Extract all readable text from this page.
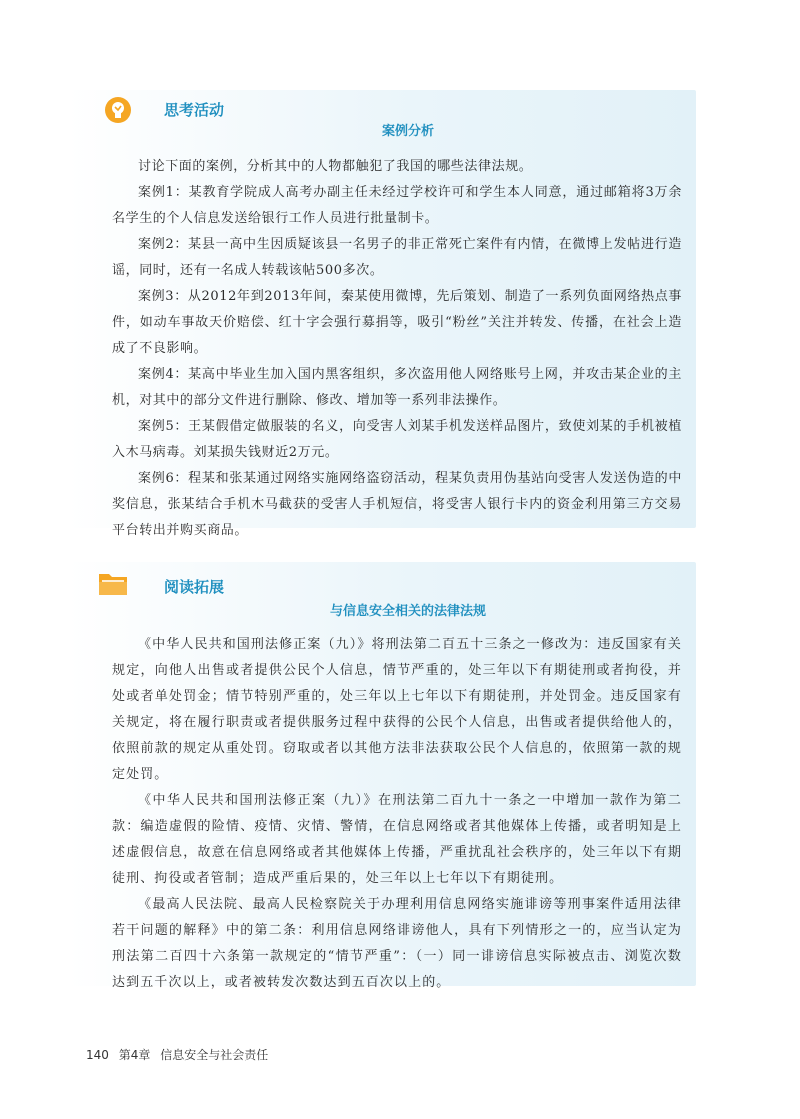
思考活动
案例分析

讨论下面的案例，分析其中的人物都触犯了我国的哪些法律法规。

案例1：某教育学院成人高考办副主任未经过学校许可和学生本人同意，通过邮箱将3万余名学生的个人信息发送给银行工作人员进行批量制卡。

案例2：某县一高中生因质疑该县一名男子的非正常死亡案件有内情，在微博上发帖进行造谣，同时，还有一名成人转载该帖500多次。

案例3：从2012年到2013年间，秦某使用微博，先后策划、制造了一系列负面网络热点事件，如动车事故天价赔偿、红十字会强行募捐等，吸引“粉丝”关注并转发、传播，在社会上造成了不良影响。

案例4：某高中毕业生加入国内黑客组织，多次盗用他人网络账号上网，并攻击某企业的主机，对其中的部分文件进行删除、修改、增加等一系列非法操作。

案例5：王某假借定做服装的名义，向受害人刘某手机发送样品图片，致使刘某的手机被植入木马病毒。刘某损失钱财近2万元。

案例6：程某和张某通过网络实施网络盗窃活动，程某负责用伪基站向受害人发送伪造的中奖信息，张某结合手机木马截获的受害人手机短信，将受害人银行卡内的资金利用第三方交易平台转出并购买商品。

阅读拓展
与信息安全相关的法律法规

《中华人民共和国刑法修正案（九）》将刑法第二百五十三条之一修改为：违反国家有关规定，向他人出售或者提供公民个人信息，情节严重的，处三年以下有期徒刑或者拘役，并处或者单处罚金；情节特别严重的，处三年以上七年以下有期徒刑，并处罚金。违反国家有关规定，将在履行职责或者提供服务过程中获得的公民个人信息，出售或者提供给他人的，依照前款的规定从重处罚。窃取或者以其他方法非法获取公民个人信息的，依照第一款的规定处罚。

《中华人民共和国刑法修正案（九）》在刑法第二百九十一条之一中增加一款作为第二款：编造虚假的险情、疫情、灾情、警情，在信息网络或者其他媒体上传播，或者明知是上述虚假信息，故意在信息网络或者其他媒体上传播，严重扰乱社会秩序的，处三年以下有期徒刑、拘役或者管制；造成严重后果的，处三年以上七年以下有期徒刑。

《最高人民法院、最高人民检察院关于办理利用信息网络实施诽谤等刑事案件适用法律若干问题的解释》中的第二条：利用信息网络诽谤他人，具有下列情形之一的，应当认定为刑法第二百四十六条第一款规定的“情节严重”：（一）同一诽谤信息实际被点击、浏览次数达到五千次以上，或者被转发次数达到五百次以上的。

140 第4章 信息安全与社会责任
